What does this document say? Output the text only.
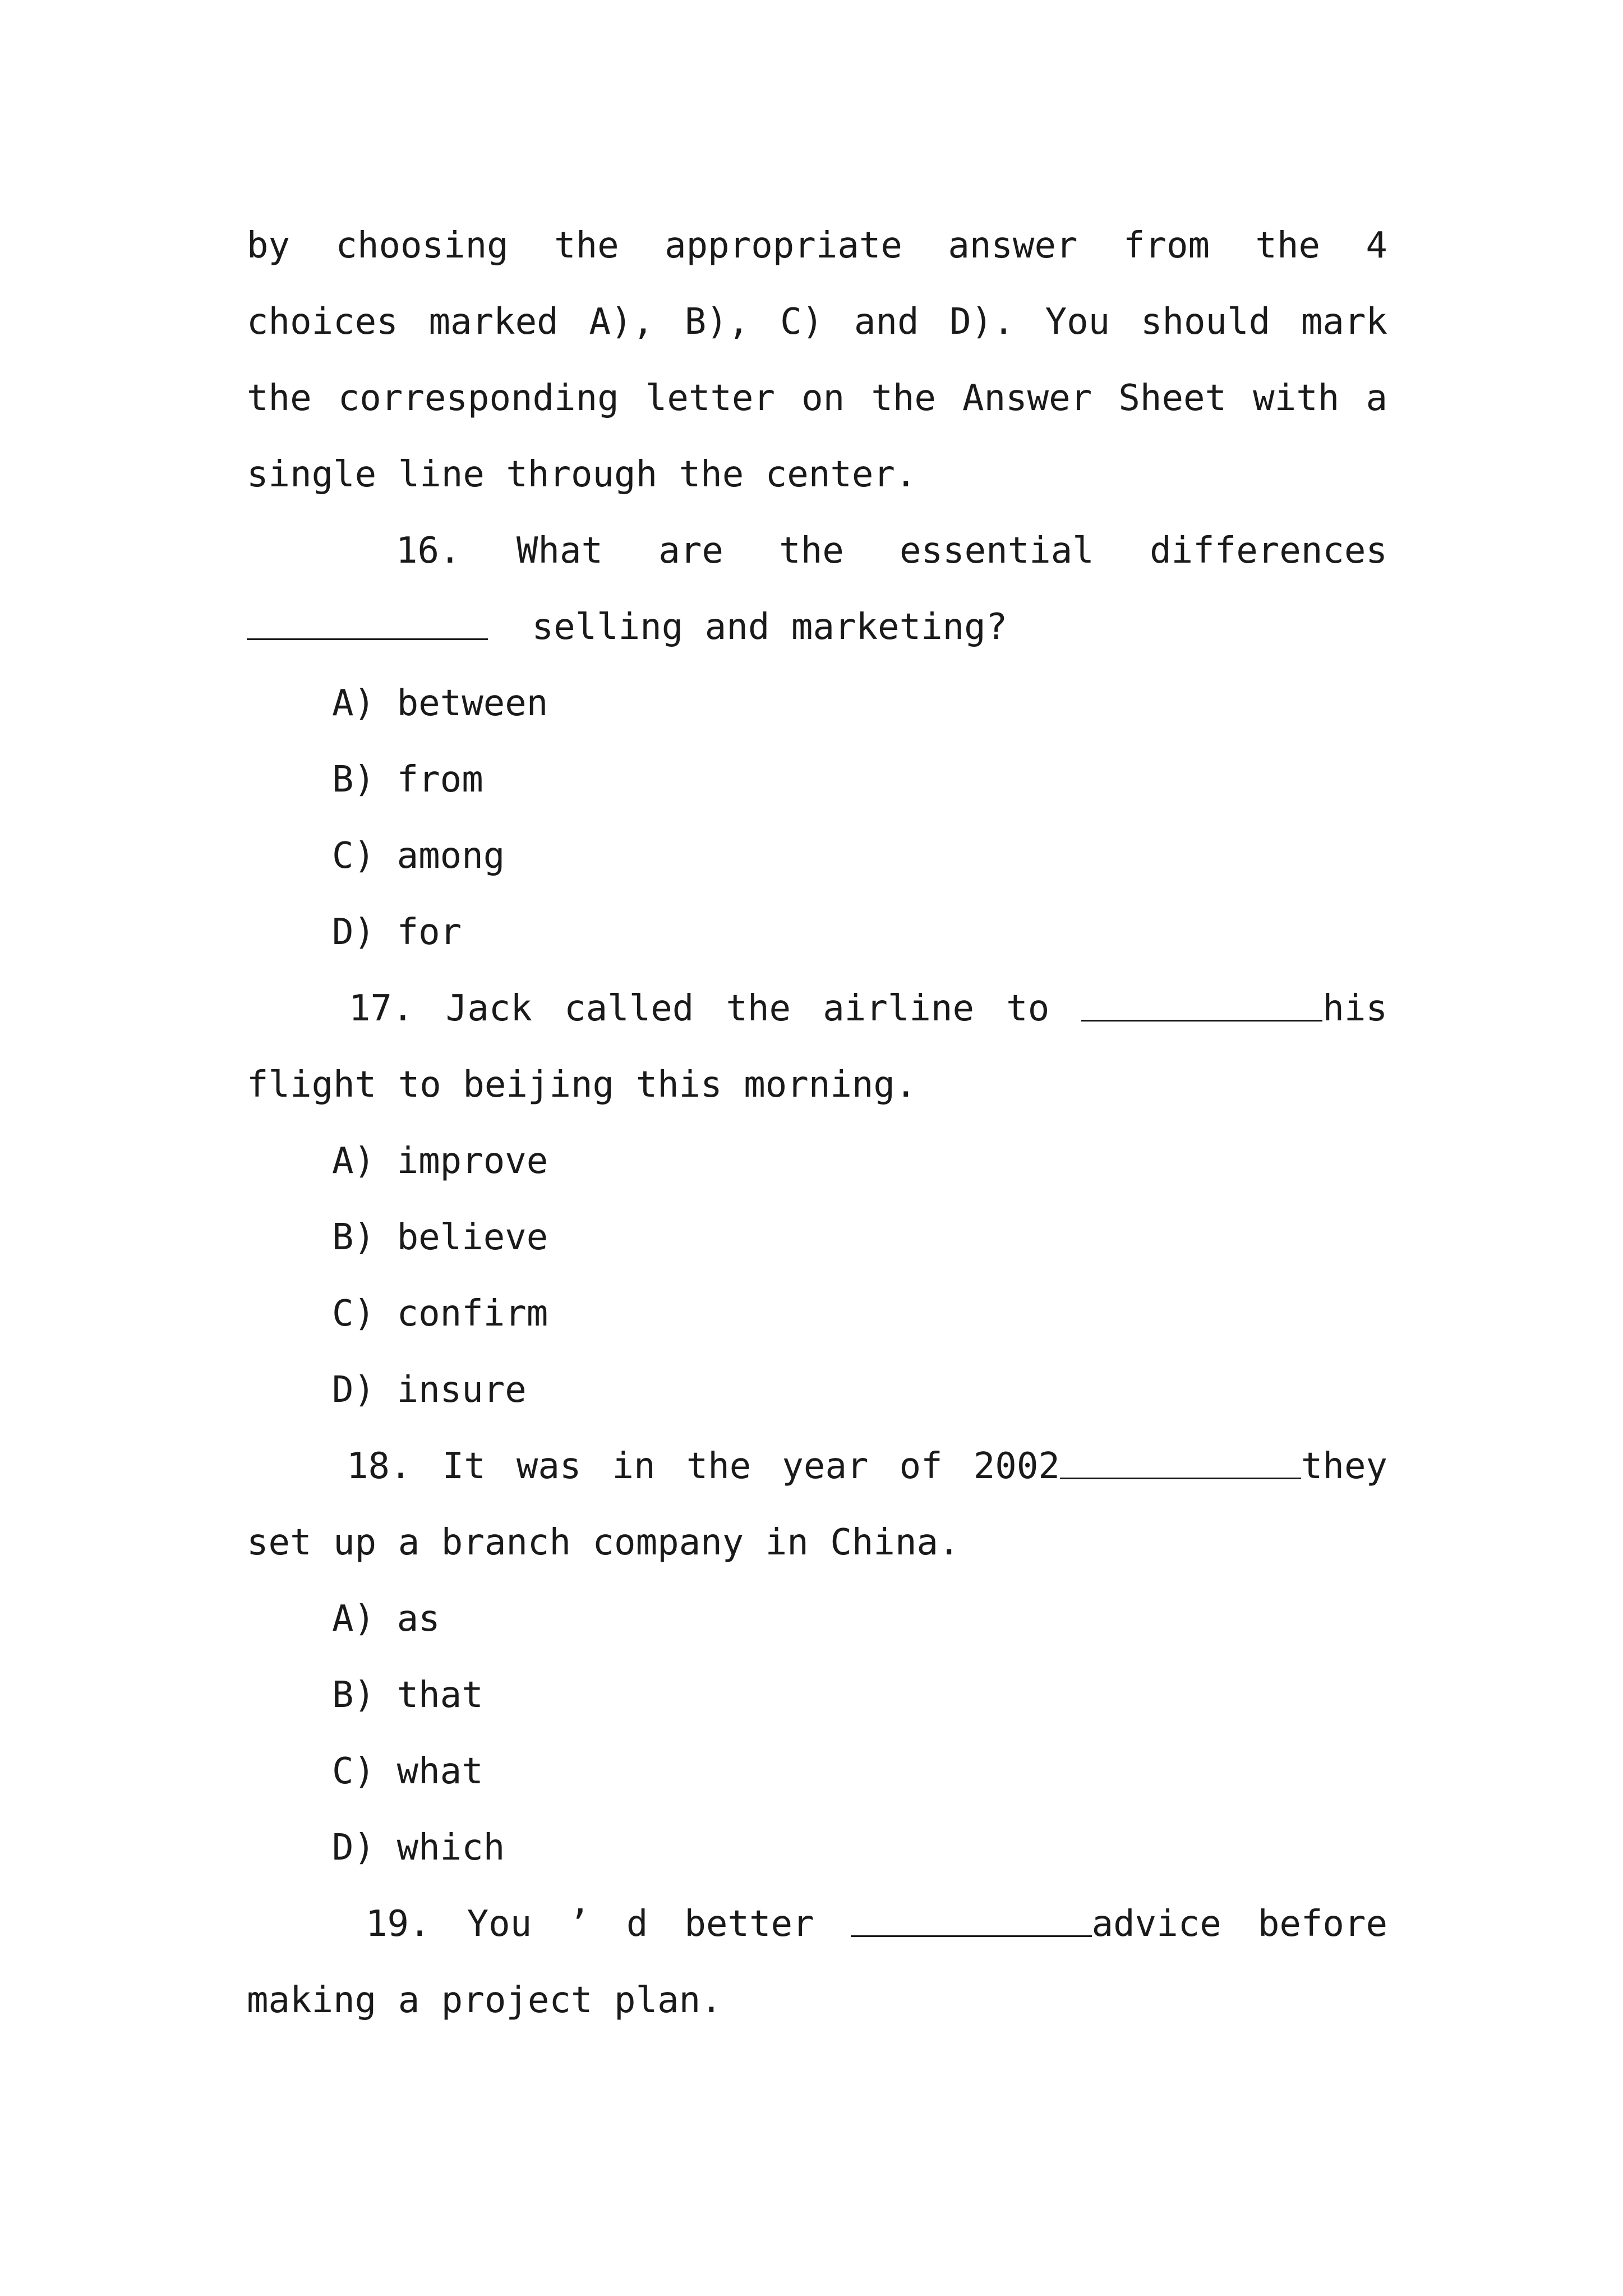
by choosing the appropriate answer from the 4
choices marked A), B), C) and D). You should mark
the corresponding letter on the Answer Sheet with a
single line through the center.
16. What are the essential differences
selling and marketing?
A) between
B) from
C) among
D) for
17. Jack called the airline to	his
flight to beijing this morning.
A) improve
B) believe
C) confirm
D) insure
18. It was in the year of 2002	they
set up a branch company in China.
A) as
B) that
C) what
D) which
19. You ’ d better	advice before
making a project plan.
